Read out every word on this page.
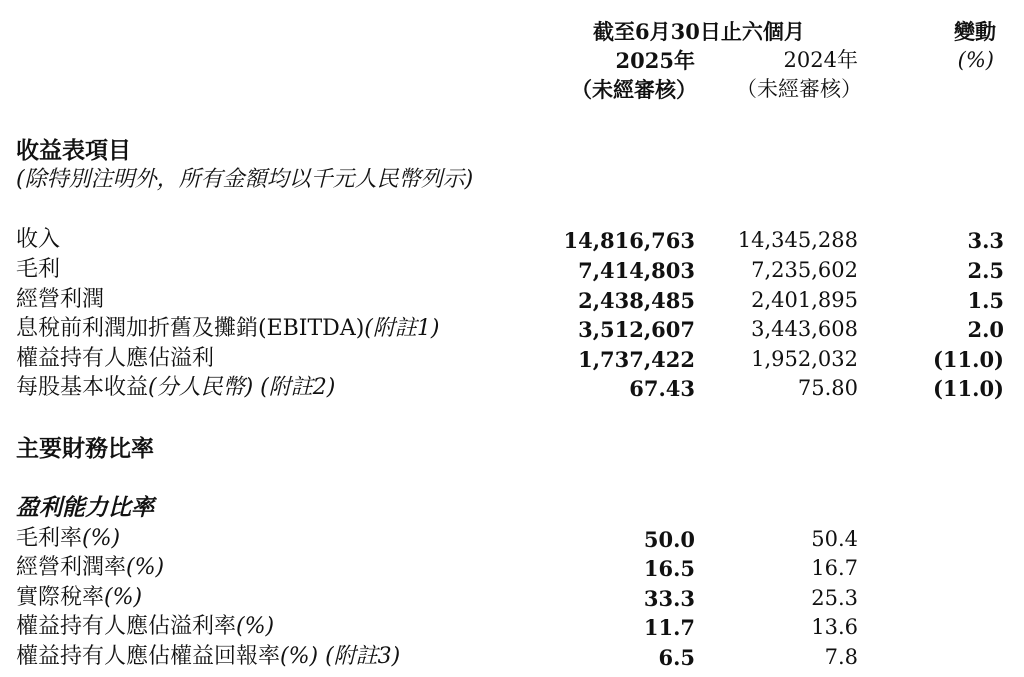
截至6月30日止六個月
2025年	2024年
（未經審核） （未經審核）
變動
(%)
收益表項目
(除特別注明外，所有金額均以千元人民幣列示)
收入	14,816,763 14,345,288	3.3
毛利	7,414,803	7,235,602	2.5
經營利潤	2,438,485	2,401,895	1.5
息稅前利潤加折舊及攤銷(EBITDA)(附註1)	3,512,607	3,443,608	2.0
權益持有人應佔溢利	1,737,422	1,952,032	(11.0)
每股基本收益(分人民幣) (附註2)	67.43	75.80	(11.0)
主要財務比率
盈利能力比率
毛利率(%)	50.0	50.4
經營利潤率(%)	16.5	16.7
實際稅率(%)	33.3	25.3
權益持有人應佔溢利率(%)	11.7	13.6
權益持有人應佔權益回報率(%) (附註3)	6.5	7.8
